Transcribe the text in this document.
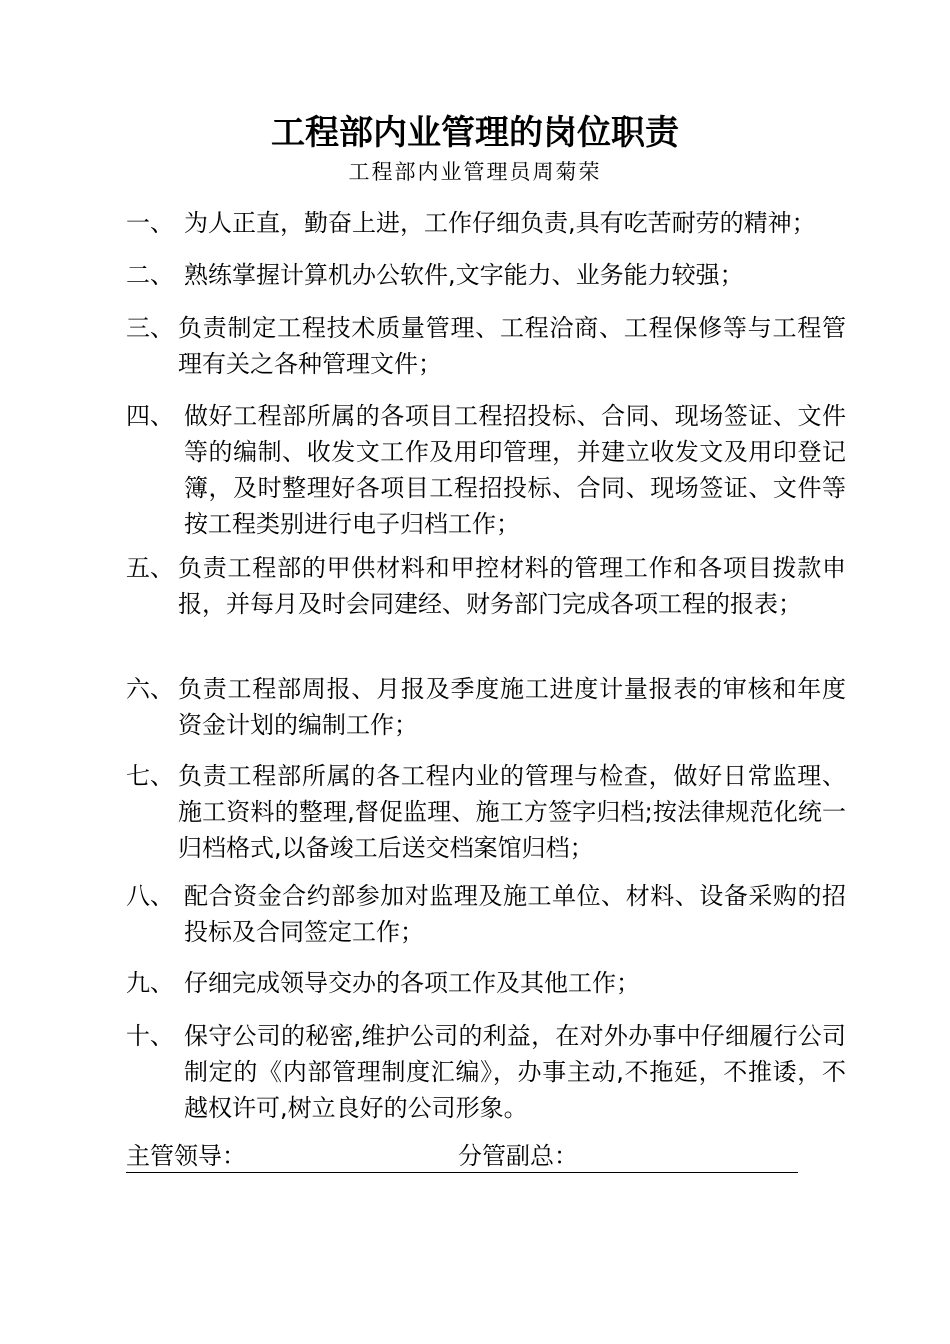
工程部内业管理的岗位职责
工程部内业管理员周菊荣
一、 为人正直，勤奋上进，工作仔细负责,具有吃苦耐劳的精神；
二、 熟练掌握计算机办公软件,文字能力、业务能力较强；
三、 负责制定工程技术质量管理、工程洽商、工程保修等与工程管理有关之各种管理文件；
四、 做好工程部所属的各项目工程招投标、合同、现场签证、文件等的编制、收发文工作及用印管理，并建立收发文及用印登记簿，及时整理好各项目工程招投标、合同、现场签证、文件等按工程类别进行电子归档工作；
五、 负责工程部的甲供材料和甲控材料的管理工作和各项目拨款申报，并每月及时会同建经、财务部门完成各项工程的报表；
六、 负责工程部周报、月报及季度施工进度计量报表的审核和年度资金计划的编制工作；
七、 负责工程部所属的各工程内业的管理与检查，做好日常监理、施工资料的整理,督促监理、施工方签字归档;按法律规范化统一归档格式,以备竣工后送交档案馆归档；
八、 配合资金合约部参加对监理及施工单位、材料、设备采购的招投标及合同签定工作；
九、 仔细完成领导交办的各项工作及其他工作；
十、 保守公司的秘密,维护公司的利益，在对外办事中仔细履行公司制定的《内部管理制度汇编》，办事主动,不拖延，不推诿，不越权许可,树立良好的公司形象。
主管领导：	分管副总：
